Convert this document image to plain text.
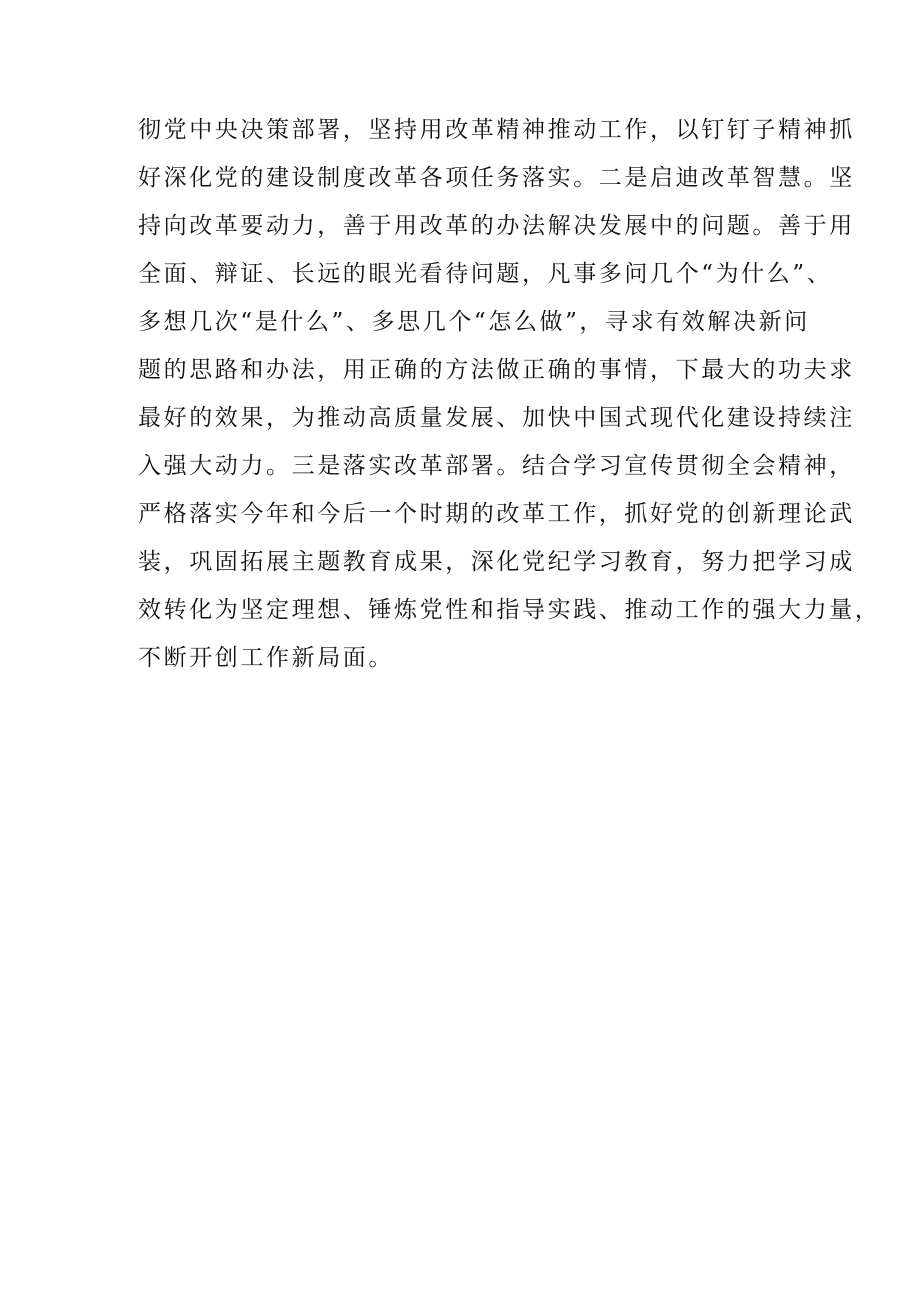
彻党中央决策部署，坚持用改革精神推动工作，以钉钉子精神抓
好深化党的建设制度改革各项任务落实。二是启迪改革智慧。坚
持向改革要动力，善于用改革的办法解决发展中的问题。善于用
全面、辩证、长远的眼光看待问题，凡事多问几个“为什么”、
多想几次“是什么”、多思几个“怎么做”，寻求有效解决新问
题的思路和办法，用正确的方法做正确的事情，下最大的功夫求
最好的效果，为推动高质量发展、加快中国式现代化建设持续注
入强大动力。三是落实改革部署。结合学习宣传贯彻全会精神，
严格落实今年和今后一个时期的改革工作，抓好党的创新理论武
装，巩固拓展主题教育成果，深化党纪学习教育，努力把学习成
效转化为坚定理想、锤炼党性和指导实践、推动工作的强大力量，
不断开创工作新局面。
